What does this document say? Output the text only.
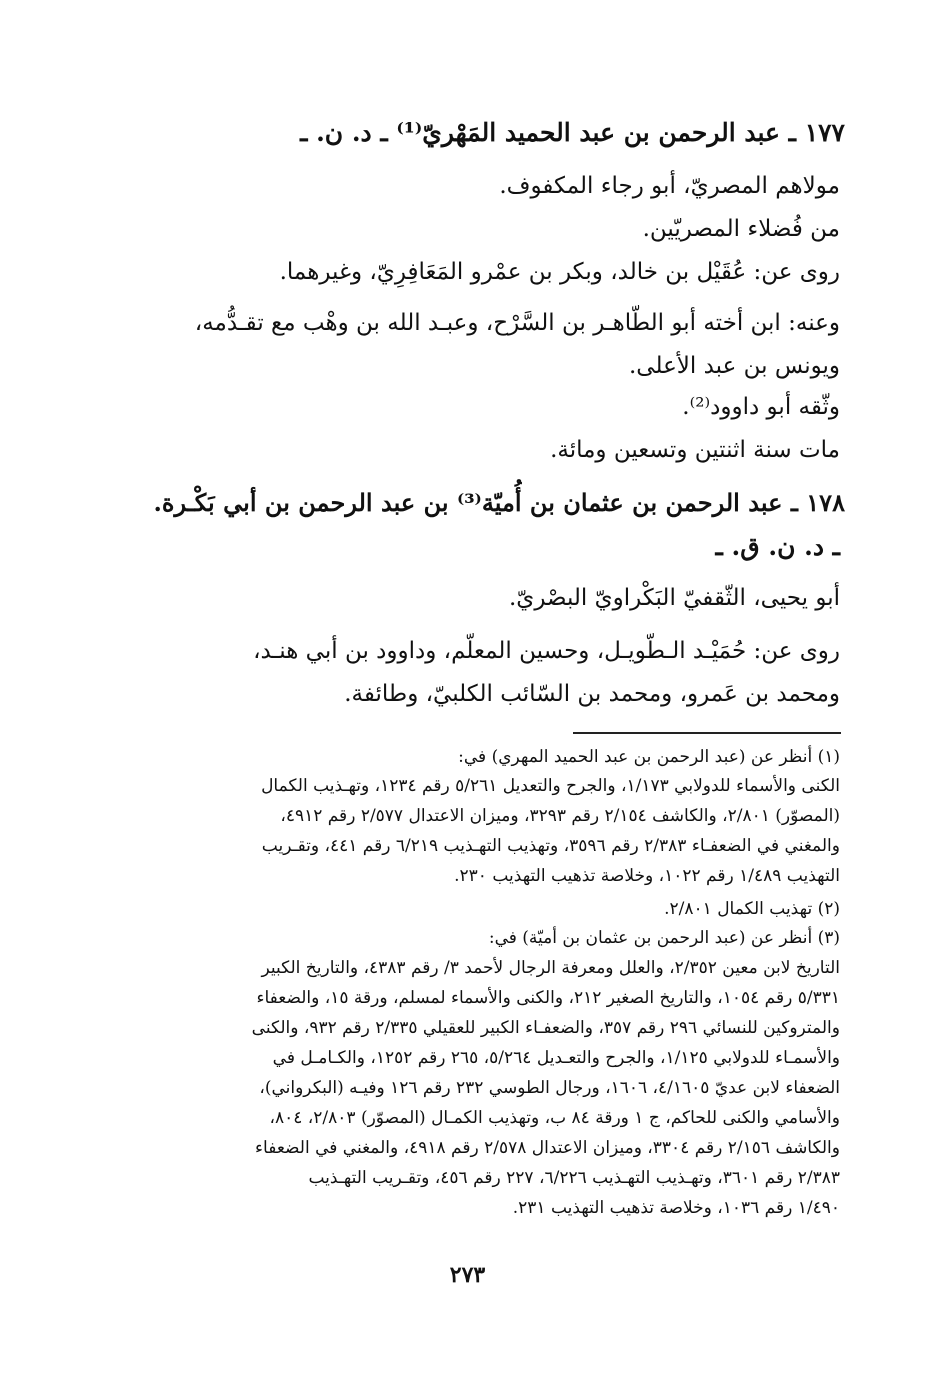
١٧٧ ـ عبد الرحمن بن عبد الحميد المَهْريّ⁽¹⁾ ـ د. ن. ـ
مولاهم المصريّ، أبو رجاء المكفوف.
من فُضلاء المصريّين.
روى عن: عُقَيْل بن خالد، وبكر بن عمْرو المَعَافِرِيّ، وغيرهما.
وعنه: ابن أخته أبو الطّاهـر بن السَّرْح، وعبـد الله بن وهْب مع تقـدُّمه،
ويونس بن عبد الأعلى.
وثّقه أبو داوود⁽²⁾.
مات سنة اثنتين وتسعين ومائة.
١٧٨ ـ عبد الرحمن بن عثمان بن أُميّة⁽³⁾ بن عبد الرحمن بن أبي بَكْـرة.
ـ د. ن. ق. ـ
أبو يحيى، الثّقفيّ البَكْراويّ البصْريّ.
روى عن: حُمَيْـد الـطّويـل، وحسين المعلّم، وداوود بن أبي هنـد،
ومحمد بن عَمرو، ومحمد بن السّائب الكلبيّ، وطائفة.
(١) أنظر عن (عبد الرحمن بن عبد الحميد المهري) في:
الكنى والأسماء للدولابي ١/١٧٣، والجرح والتعديل ٥/٢٦١ رقم ١٢٣٤، وتهـذيب الكمال
(المصوّر) ٢/٨٠١، والكاشف ٢/١٥٤ رقم ٣٢٩٣، وميزان الاعتدال ٢/٥٧٧ رقم ٤٩١٢،
والمغني في الضعفـاء ٢/٣٨٣ رقم ٣٥٩٦، وتهذيب التهـذيب ٦/٢١٩ رقم ٤٤١، وتقـريب
التهذيب ١/٤٨٩ رقم ١٠٢٢، وخلاصة تذهيب التهذيب ٢٣٠.
(٢) تهذيب الكمال ٢/٨٠١.
(٣) أنظر عن (عبد الرحمن بن عثمان بن أميّة) في:
التاريخ لابن معين ٢/٣٥٢، والعلل ومعرفة الرجال لأحمد ٣/ رقم ٤٣٨٣، والتاريخ الكبير
٥/٣٣١ رقم ١٠٥٤، والتاريخ الصغير ٢١٢، والكنى والأسماء لمسلم، ورقة ١٥، والضعفاء
والمتروكين للنسائي ٢٩٦ رقم ٣٥٧، والضعفـاء الكبير للعقيلي ٢/٣٣٥ رقم ٩٣٢، والكنى
والأسمـاء للدولابي ١/١٢٥، والجرح والتعـديل ٥/٢٦٤، ٢٦٥ رقم ١٢٥٢، والكـامـل في
الضعفاء لابن عديّ ٤/١٦٠٥، ١٦٠٦، ورجال الطوسي ٢٣٢ رقم ١٢٦ وفيـه (البكرواني)،
والأسامي والكنى للحاكم، ج ١ ورقة ٨٤ ب، وتهذيب الكمـال (المصوّر) ٢/٨٠٣، ٨٠٤،
والكاشف ٢/١٥٦ رقم ٣٣٠٤، وميزان الاعتدال ٢/٥٧٨ رقم ٤٩١٨، والمغني في الضعفاء
٢/٣٨٣ رقم ٣٦٠١، وتهـذيب التهـذيب ٦/٢٢٦، ٢٢٧ رقم ٤٥٦، وتقـريب التهـذيب
١/٤٩٠ رقم ١٠٣٦، وخلاصة تذهيب التهذيب ٢٣١.
٢٧٣
